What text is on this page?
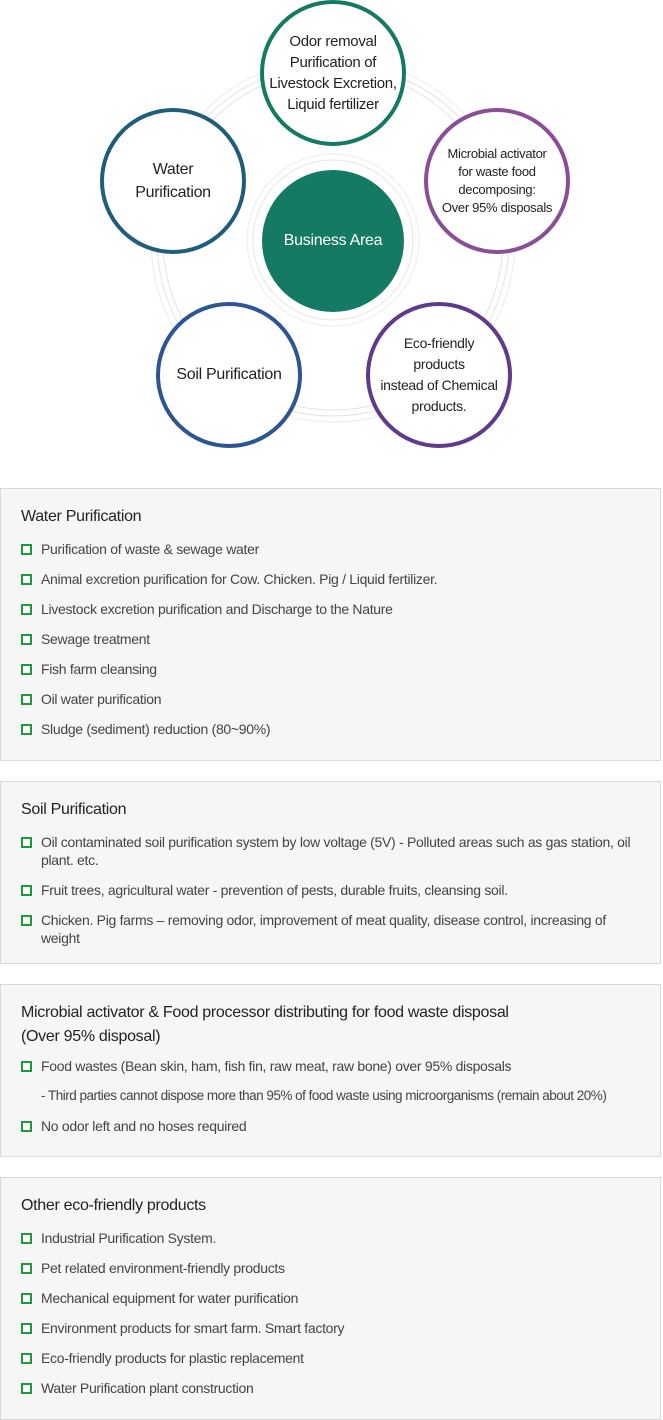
Business Area
Odor removal
Purification of
Livestock Excretion,
Liquid fertilizer
Water
Purification
Microbial activator
for waste food
decomposing:
Over 95% disposals
Soil Purification
Eco-friendly
products
instead of Chemical
products.
Water Purification
Purification of waste & sewage water
Animal excretion purification for Cow. Chicken. Pig / Liquid fertilizer.
Livestock excretion purification and Discharge to the Nature
Sewage treatment
Fish farm cleansing
Oil water purification
Sludge (sediment) reduction (80~90%)
Soil Purification
Oil contaminated soil purification system by low voltage (5V) - Polluted areas such as gas station, oil plant. etc.
Fruit trees, agricultural water - prevention of pests, durable fruits, cleansing soil.
Chicken. Pig farms – removing odor, improvement of meat quality, disease control, increasing of weight
Microbial activator & Food processor distributing for food waste disposal
(Over 95% disposal)
Food wastes (Bean skin, ham, fish fin, raw meat, raw bone) over 95% disposals
- Third parties cannot dispose more than 95% of food waste using microorganisms (remain about 20%)
No odor left and no hoses required
Other eco-friendly products
Industrial Purification System.
Pet related environment-friendly products
Mechanical equipment for water purification
Environment products for smart farm. Smart factory
Eco-friendly products for plastic replacement
Water Purification plant construction
